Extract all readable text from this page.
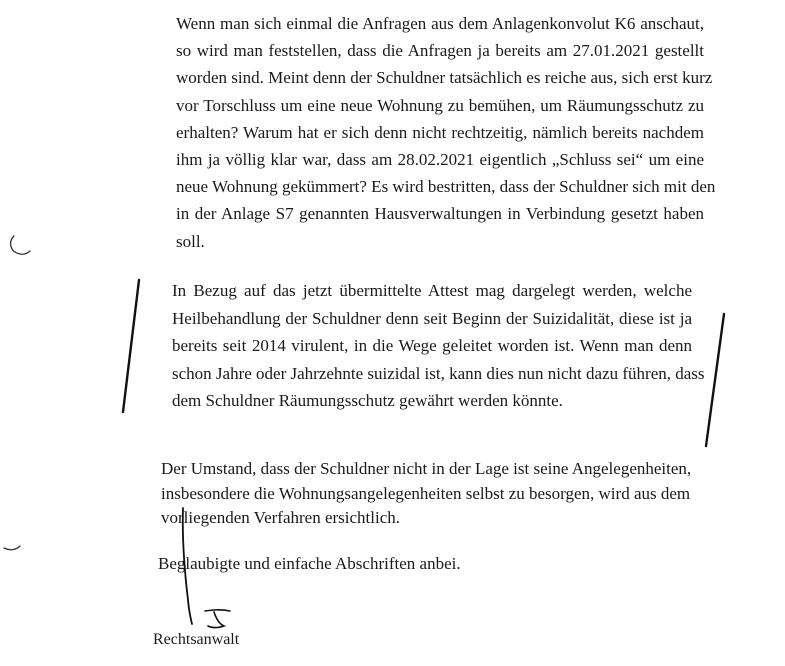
Wenn man sich einmal die Anfragen aus dem Anlagenkonvolut K6 anschaut,
so wird man feststellen, dass die Anfragen ja bereits am 27.01.2021 gestellt
worden sind. Meint denn der Schuldner tatsächlich es reiche aus, sich erst kurz
vor Torschluss um eine neue Wohnung zu bemühen, um Räumungsschutz zu
erhalten? Warum hat er sich denn nicht rechtzeitig, nämlich bereits nachdem
ihm ja völlig klar war, dass am 28.02.2021 eigentlich „Schluss sei“ um eine
neue Wohnung gekümmert? Es wird bestritten, dass der Schuldner sich mit den
in der Anlage S7 genannten Hausverwaltungen in Verbindung gesetzt haben
soll.

In Bezug auf das jetzt übermittelte Attest mag dargelegt werden, welche
Heilbehandlung der Schuldner denn seit Beginn der Suizidalität, diese ist ja
bereits seit 2014 virulent, in die Wege geleitet worden ist. Wenn man denn
schon Jahre oder Jahrzehnte suizidal ist, kann dies nun nicht dazu führen, dass
dem Schuldner Räumungsschutz gewährt werden könnte.

Der Umstand, dass der Schuldner nicht in der Lage ist seine Angelegenheiten,
insbesondere die Wohnungsangelegenheiten selbst zu besorgen, wird aus dem
vorliegenden Verfahren ersichtlich.

Beglaubigte und einfache Abschriften anbei.

Rechtsanwalt
